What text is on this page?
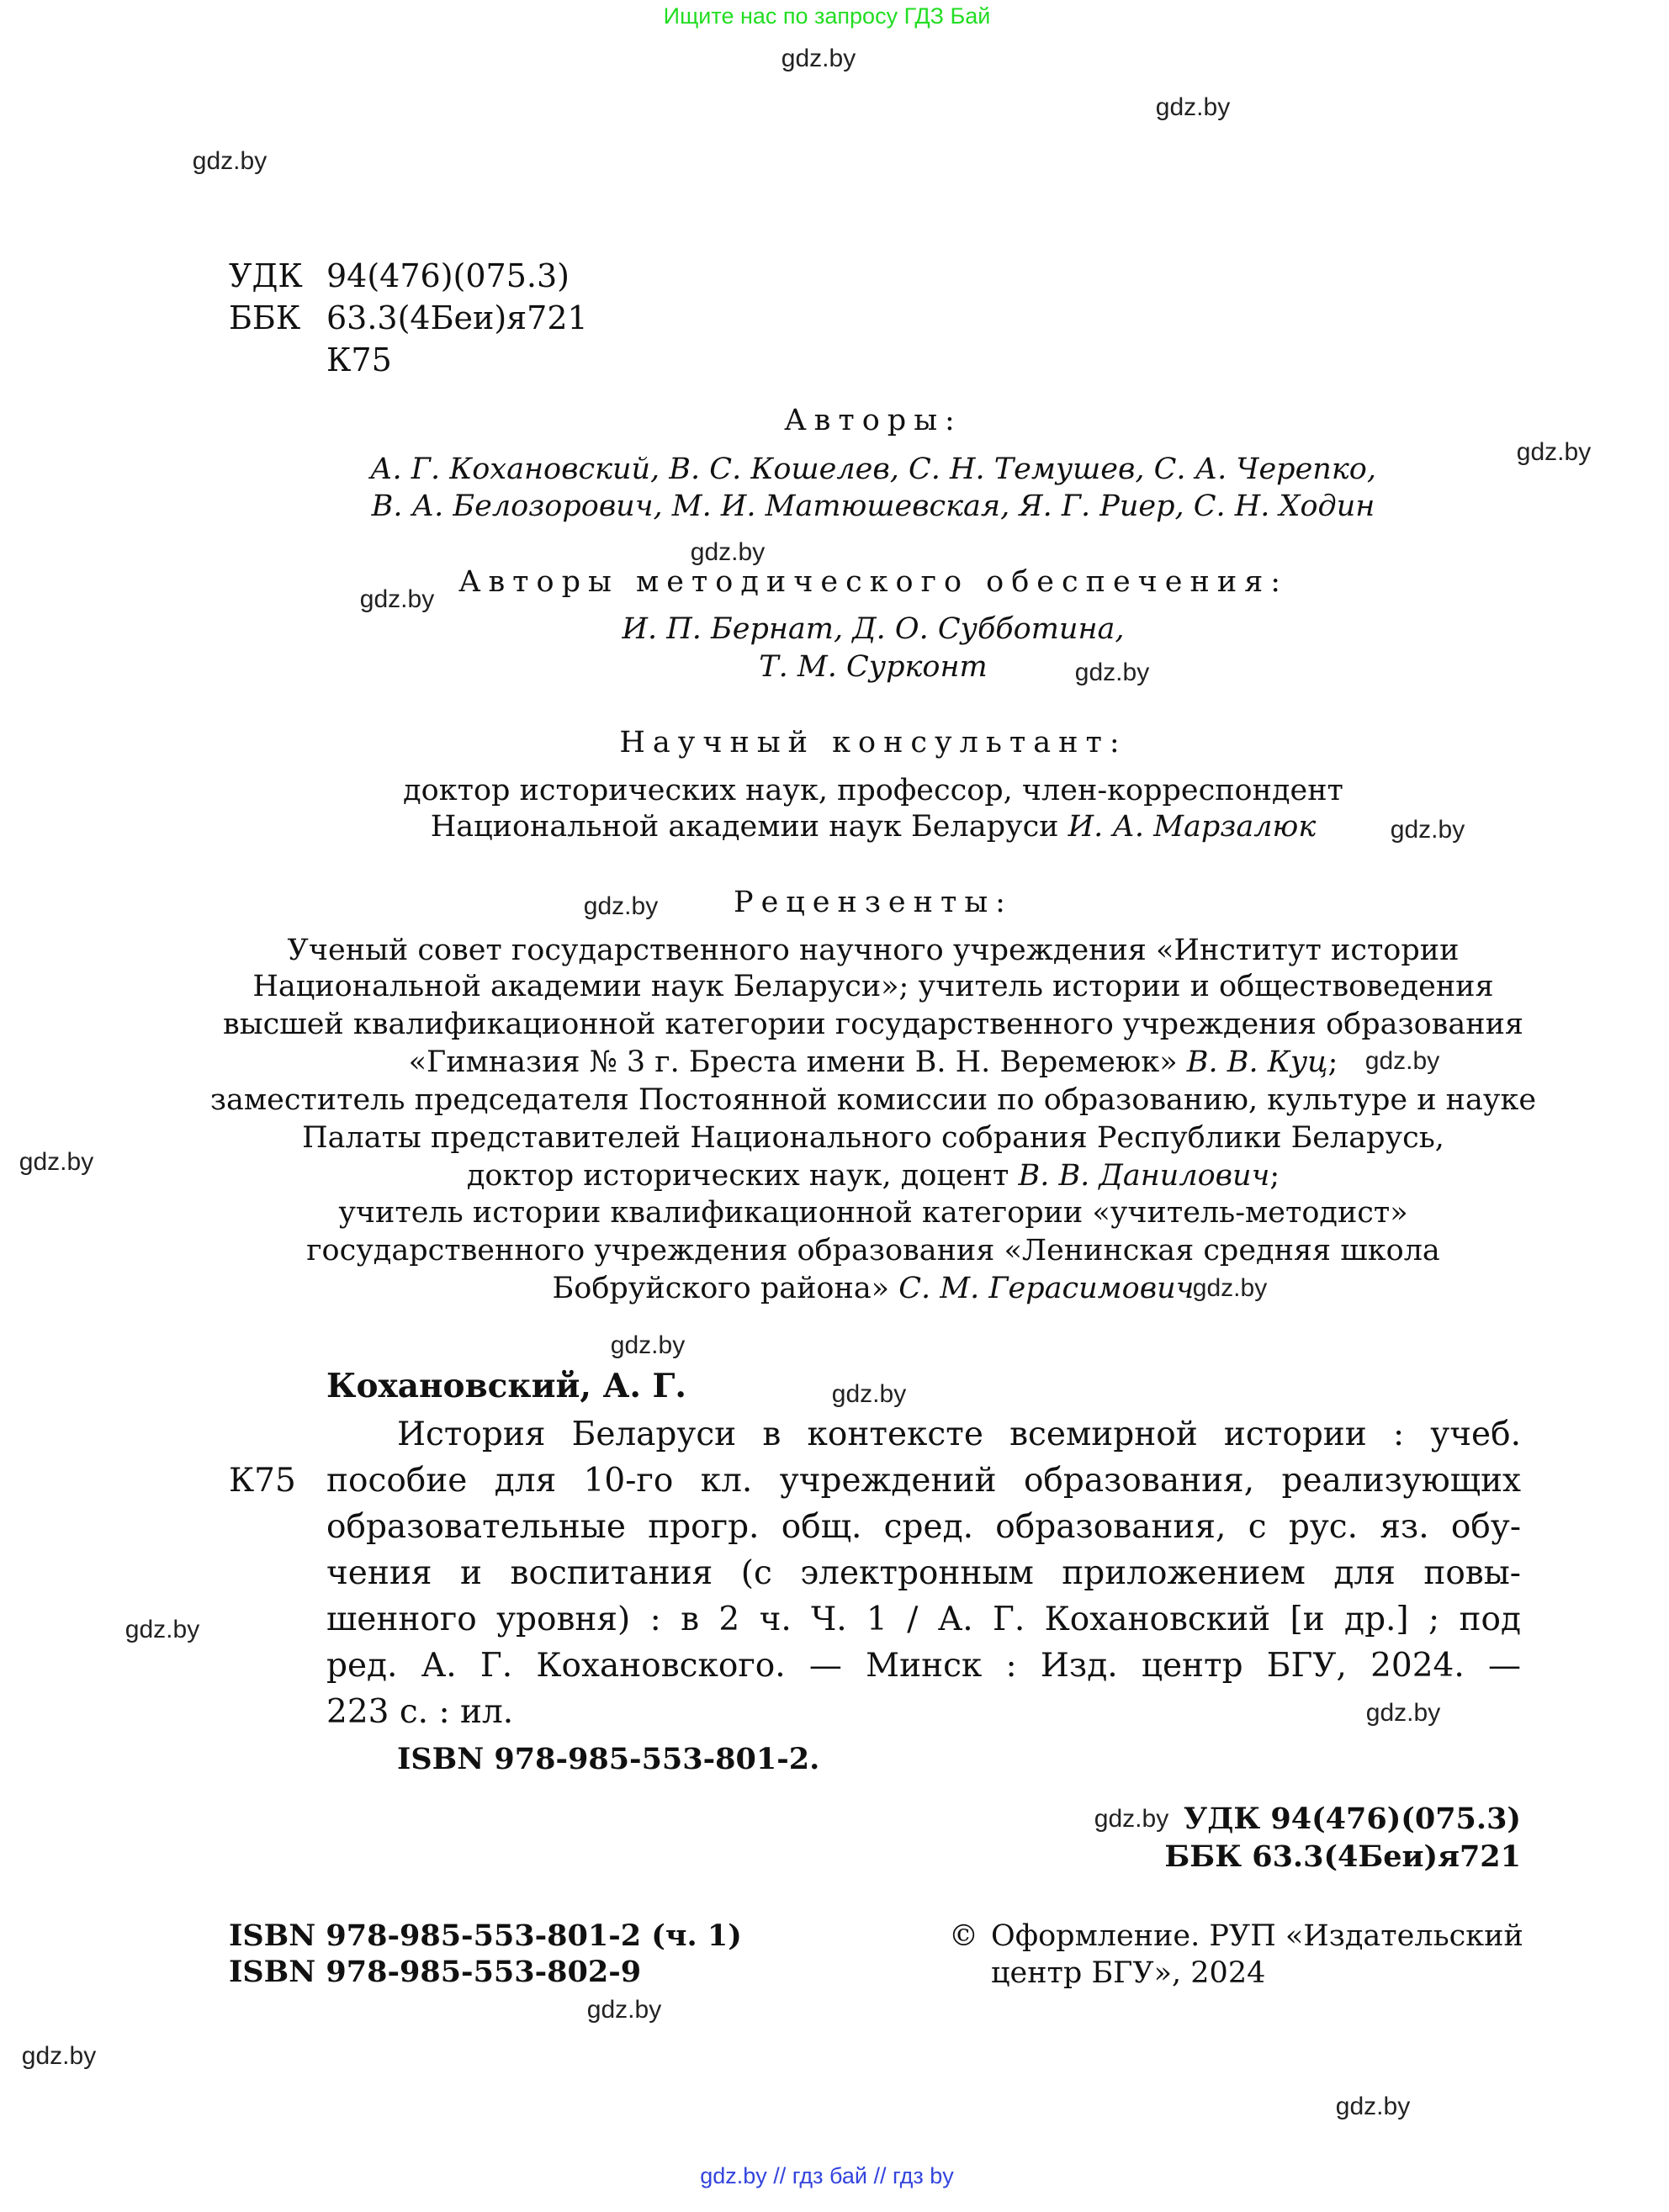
Ищите нас по запросу ГДЗ Бай
gdz.by
gdz.by
gdz.by
gdz.by
gdz.by
gdz.by
gdz.by
gdz.by
gdz.by
gdz.by
gdz.by
gdz.by
gdz.by
gdz.by
gdz.by
gdz.by
gdz.by
gdz.by
gdz.by
gdz.by
УДК 94(476)(075.3)
ББК 63.3(4Беи)я721
К75
Авторы:
А. Г. Кохановский, В. С. Кошелев, С. Н. Темушев, С. А. Черепко,
В. А. Белозорович, М. И. Матюшевская, Я. Г. Риер, С. Н. Ходин
Авторы методического обеспечения:
И. П. Бернат, Д. О. Субботина,
Т. М. Сурконт
Научный консультант:
доктор исторических наук, профессор, член-корреспондент
Национальной академии наук Беларуси И. А. Марзалюк
Рецензенты:
Ученый совет государственного научного учреждения «Институт истории
Национальной академии наук Беларуси»; учитель истории и обществоведения
высшей квалификационной категории государственного учреждения образования
«Гимназия № 3 г. Бреста имени В. Н. Веремеюк» В. В. Куц;
заместитель председателя Постоянной комиссии по образованию, культуре и науке
Палаты представителей Национального собрания Республики Беларусь,
доктор исторических наук, доцент В. В. Данилович;
учитель истории квалификационной категории «учитель-методист»
государственного учреждения образования «Ленинская средняя школа
Бобруйского района» С. М. Герасимович
Кохановский, А. Г.
К75
История Беларуси в контексте всемирной истории : учеб.
пособие для 10-го кл. учреждений образования, реализующих
образовательные прогр. общ. сред. образования, с рус. яз. обу-
чения и воспитания (с электронным приложением для повы-
шенного уровня) : в 2 ч. Ч. 1 / А. Г. Кохановский [и др.] ; под
ред. А. Г. Кохановского. — Минск : Изд. центр БГУ, 2024. —
223 с. : ил.
ISBN 978-985-553-801-2.
УДК 94(476)(075.3)
ББК 63.3(4Беи)я721
ISBN 978-985-553-801-2 (ч. 1)
ISBN 978-985-553-802-9
© Оформление. РУП «Издательский
центр БГУ», 2024
gdz.by // гдз бай // гдз by
